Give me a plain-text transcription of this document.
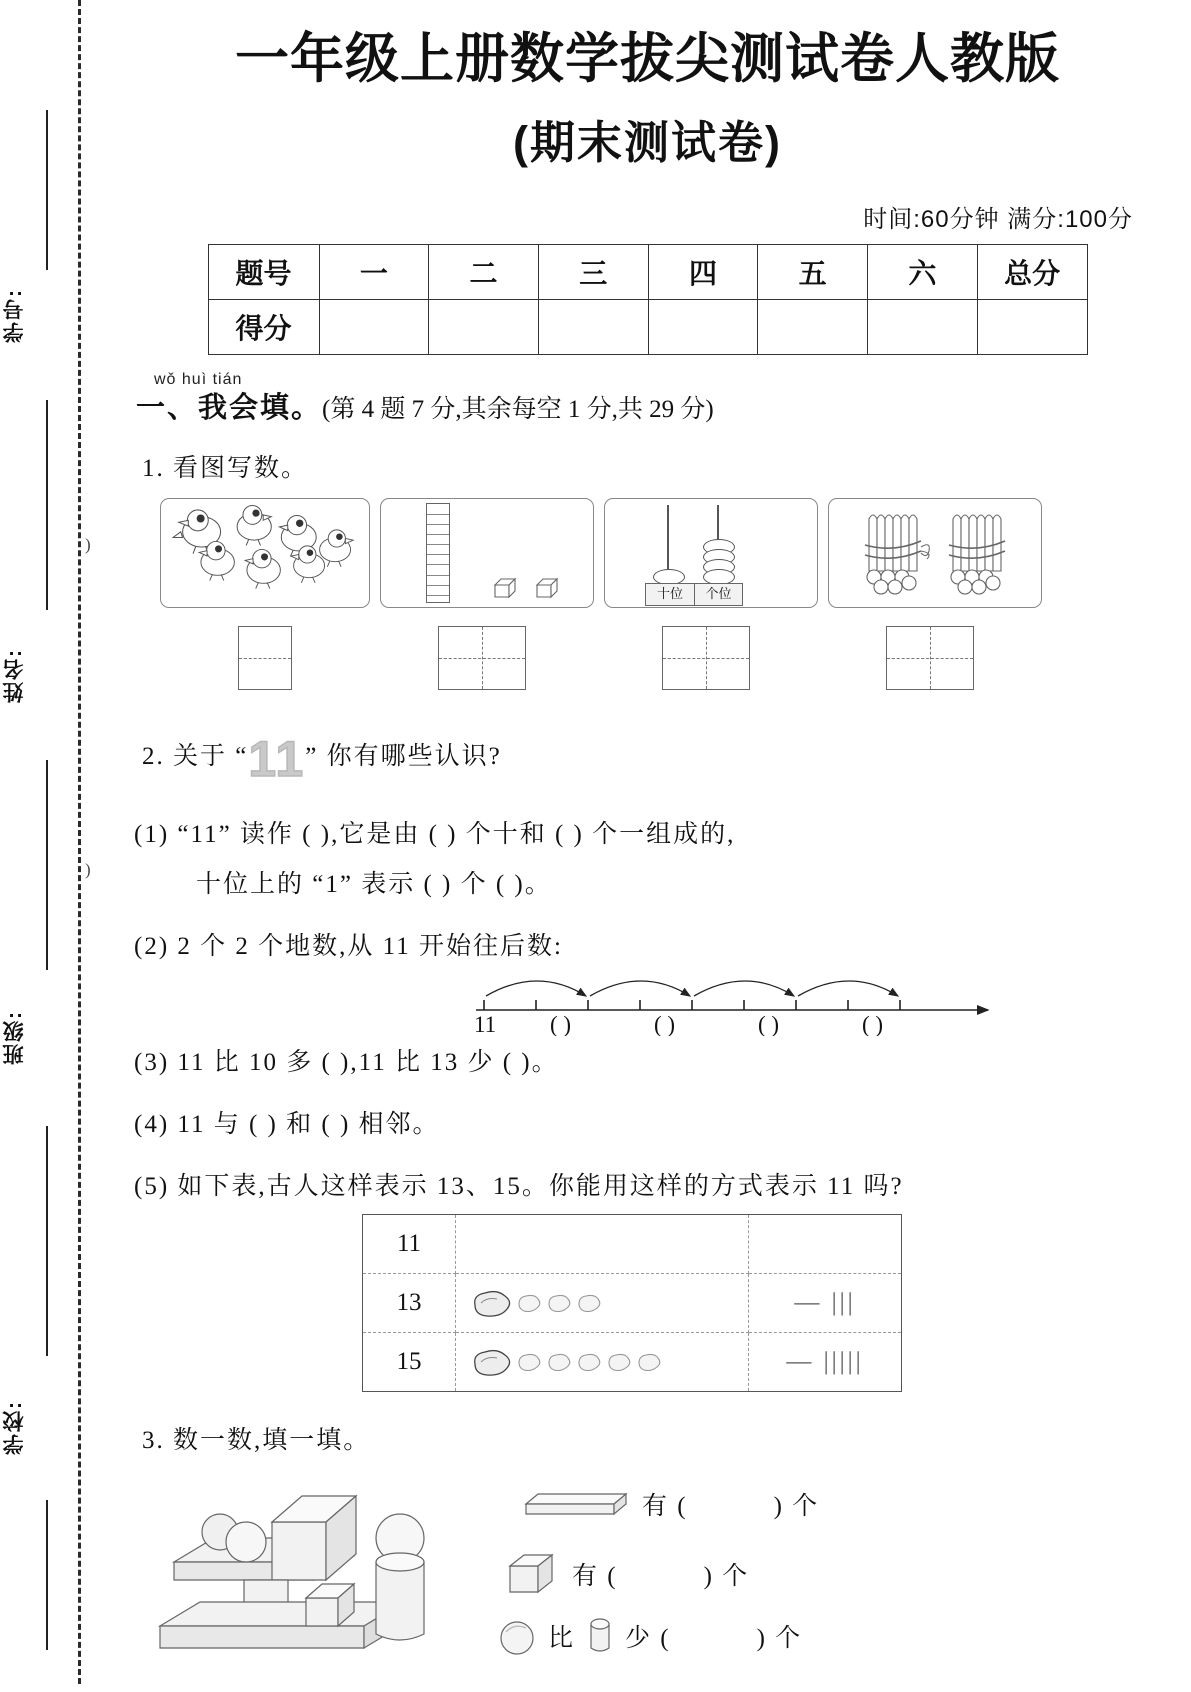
学号:
姓名:
班级:
学校:
)
)
一年级上册数学拔尖测试卷人教版
(期末测试卷)
时间:60分钟 满分:100分
题号	一	二	三	四	五	六	总分
得分							
wǒ huì tián
一、我会填。(第 4 题 7 分,其余每空 1 分,共 29 分)
1. 看图写数。
十位	个位
2. 关于 “11” 你有哪些认识?
(1) “11” 读作 ( ),它是由 ( ) 个十和 ( ) 个一组成的,
十位上的 “1” 表示 ( ) 个 ( )。
(2) 2 个 2 个地数,从 11 开始往后数:
11 ( )	( )	( )	( )
(3) 11 比 10 多 ( ),11 比 13 少 ( )。
(4) 11 与 ( ) 和 ( ) 相邻。
(5) 如下表,古人这样表示 13、15。你能用这样的方式表示 11 吗?
11		
13		— |||
15		— |||||
3. 数一数,填一填。
有 (	) 个
有 (	) 个
比 少 (	) 个
